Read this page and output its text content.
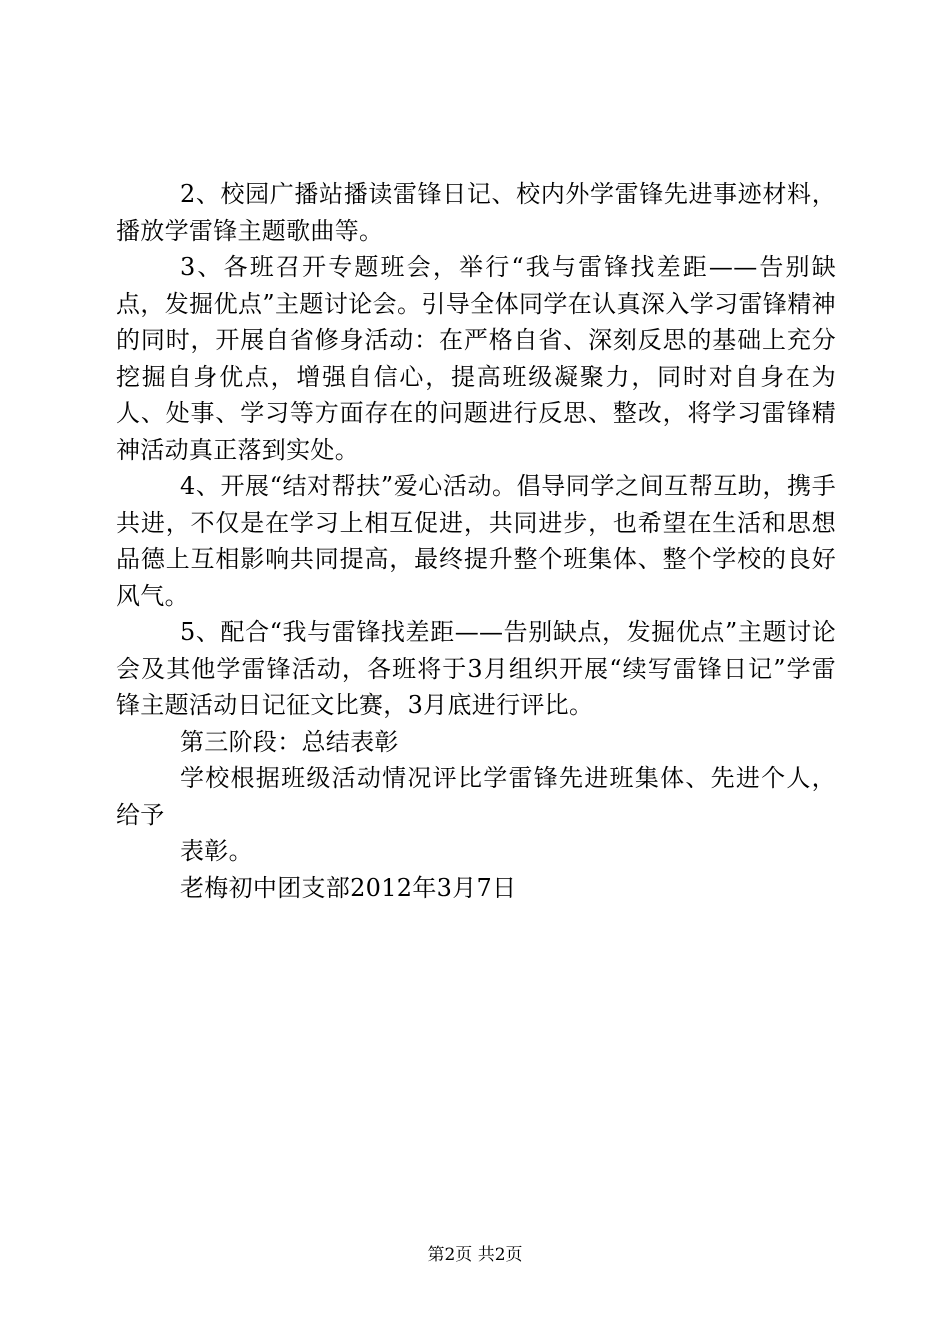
2、校园广播站播读雷锋日记、校内外学雷锋先进事迹材料，播放学雷锋主题歌曲等。

3、各班召开专题班会，举行“我与雷锋找差距——告别缺点，发掘优点”主题讨论会。引导全体同学在认真深入学习雷锋精神的同时，开展自省修身活动：在严格自省、深刻反思的基础上充分挖掘自身优点，增强自信心，提高班级凝聚力，同时对自身在为人、处事、学习等方面存在的问题进行反思、整改，将学习雷锋精神活动真正落到实处。

4、开展“结对帮扶”爱心活动。倡导同学之间互帮互助，携手共进，不仅是在学习上相互促进，共同进步，也希望在生活和思想品德上互相影响共同提高，最终提升整个班集体、整个学校的良好风气。

5、配合“我与雷锋找差距——告别缺点，发掘优点”主题讨论会及其他学雷锋活动，各班将于3月组织开展“续写雷锋日记”学雷锋主题活动日记征文比赛，3月底进行评比。

第三阶段：总结表彰

学校根据班级活动情况评比学雷锋先进班集体、先进个人，给予

表彰。

老梅初中团支部2012年3月7日

第2页 共2页
